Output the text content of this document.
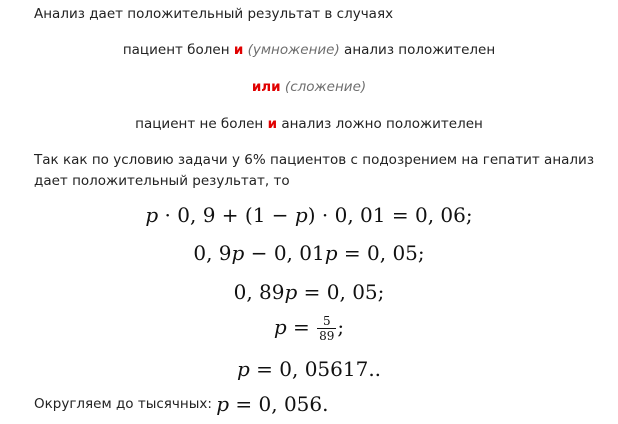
Анализ дает положительный результат в случаях
пациент болен и (умножение) анализ положителен
или (сложение)
пациент не болен и анализ ложно положителен
Так как по условию задачи у 6% пациентов с подозрением на гепатит анализ
дает положительный результат, то
p · 0, 9 + (1 − p) · 0, 01 = 0, 06;
0, 9p − 0, 01p = 0, 05;
0, 89p = 0, 05;
$p = \frac{5}{89}$ ;
p = 0, 05617..
Округляем до тысячных: p = 0, 056.
